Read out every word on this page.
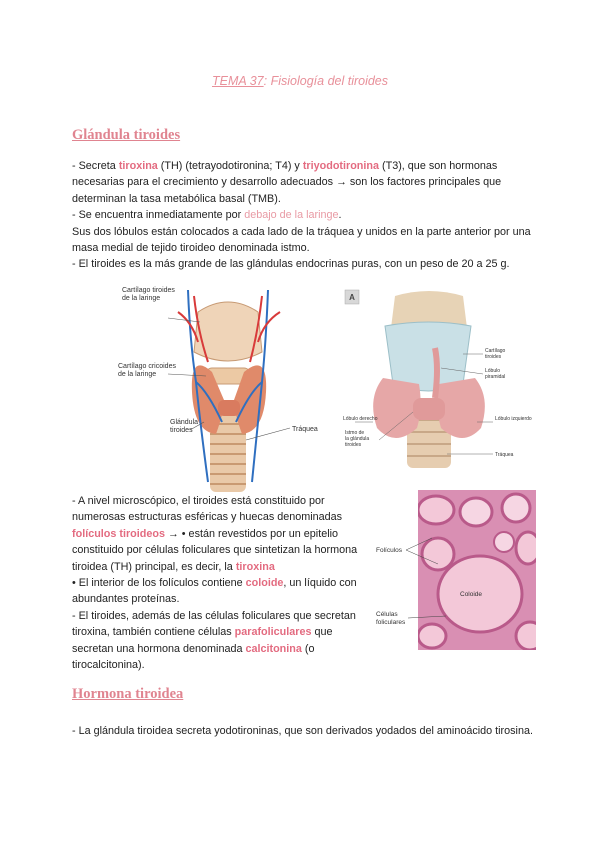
TEMA 37: Fisiología del tiroides
Glándula tiroides

- Secreta tiroxina (TH) (tetrayodotironina; T4) y triyodotironina (T3), que son hormonas necesarias para el crecimiento y desarrollo adecuados → son los factores principales que determinan la tasa metabólica basal (TMB).

- Se encuentra inmediatamente por debajo de la laringe.

Sus dos lóbulos están colocados a cada lado de la tráquea y unidos en la parte anterior por una masa medial de tejido tiroideo denominada istmo.

- El tiroides es la más grande de las glándulas endocrinas puras, con un peso de 20 a 25 g.

Cartílago tiroides de la laringe
Cartílago cricoides de la laringe
Glándula tiroides	Tráquea
A
Cartílago tiroides
Lóbulo piramidal
Lóbulo derecho	Lóbulo izquierdo
Istmo de la glándula tiroides
Tráquea

- A nivel microscópico, el tiroides está constituido por numerosas estructuras esféricas y huecas denominadas folículos tiroideos → • están revestidos por un epitelio constituido por células foliculares que sintetizan la hormona tiroidea (TH) principal, es decir, la tiroxina

• El interior de los folículos contiene coloide, un líquido con abundantes proteínas.

- El tiroides, además de las células foliculares que secretan tiroxina, también contiene células parafoliculares que secretan una hormona denominada calcitonina (o tirocalcitonina).

Folículos
Coloide
Células foliculares
Hormona tiroidea

- La glándula tiroidea secreta yodotironinas, que son derivados yodados del aminoácido tirosina.
